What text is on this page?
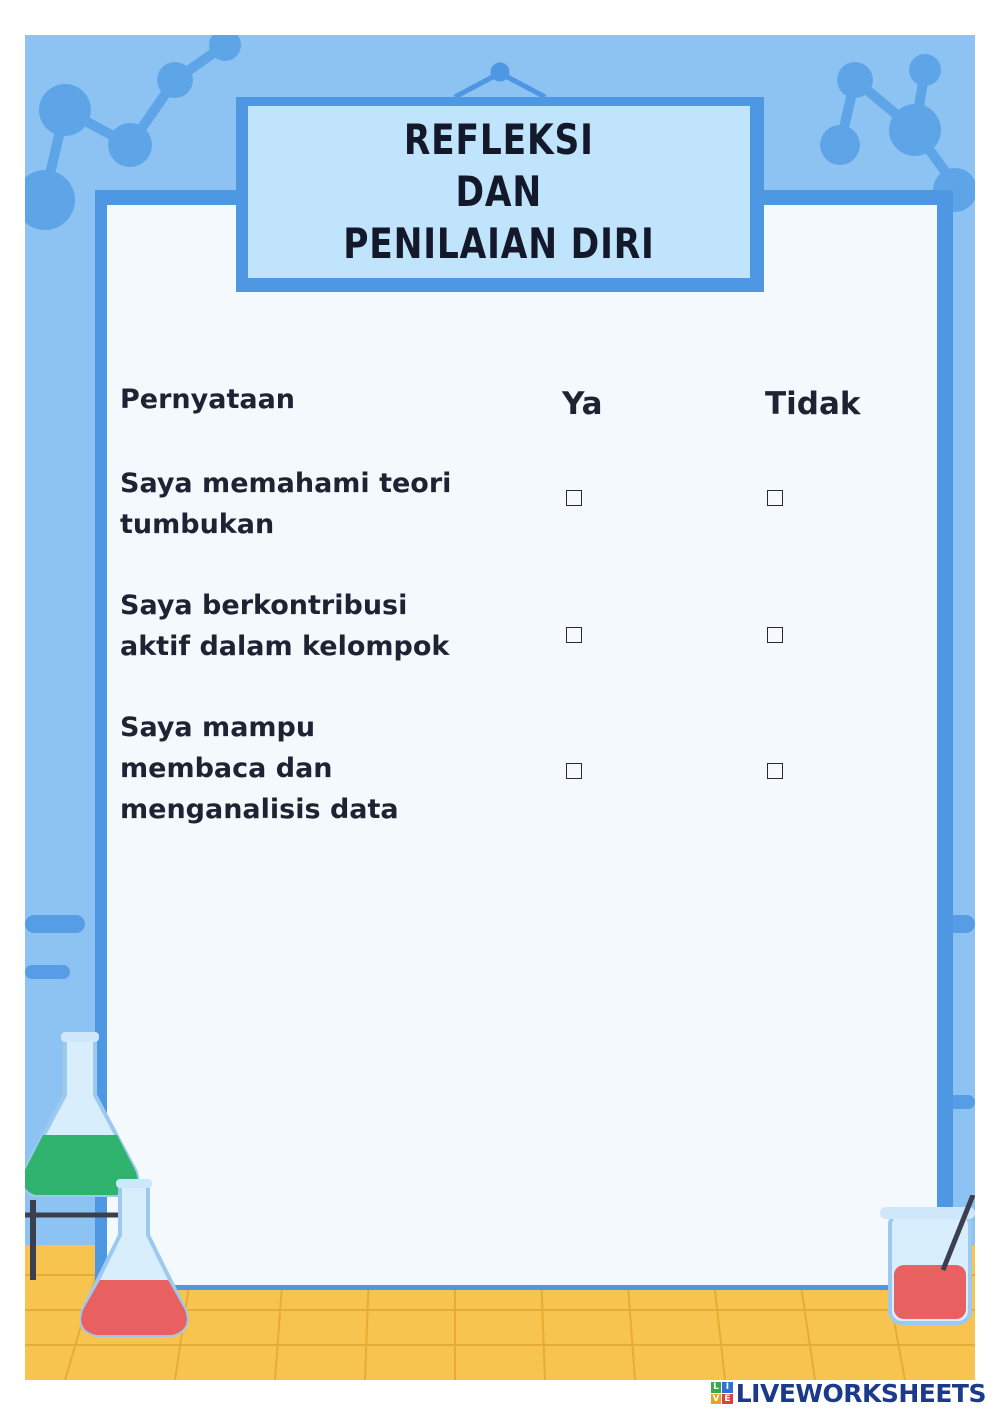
REFLEKSI
DAN
PENILAIAN DIRI
Pernyataan	Ya	Tidak
Saya memahami teori
tumbukan
Saya berkontribusi
aktif dalam kelompok
Saya mampu
membaca dan
menganalisis data
L I
V E LIVEWORKSHEETS
